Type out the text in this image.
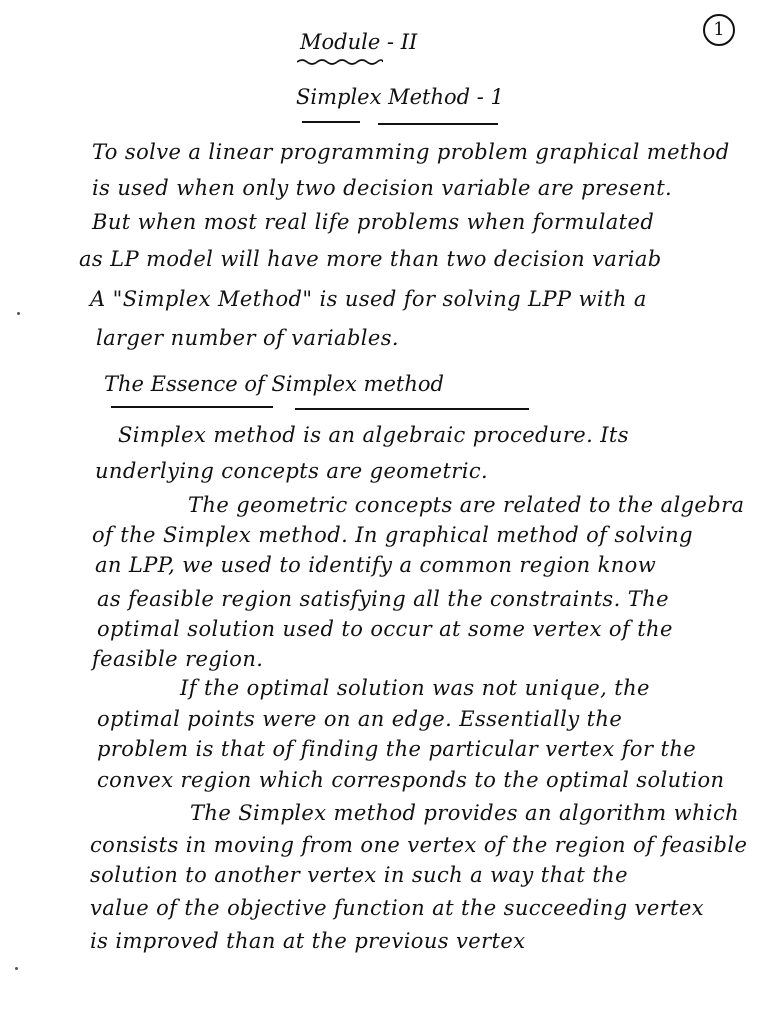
1
Module - II
Simplex Method - 1
To solve a linear programming problem graphical method
is used when only two decision variable are present.
But when most real life problems when formulated
as LP model will have more than two decision variab
A "Simplex Method" is used for solving LPP with a
larger number of variables.
The Essence of Simplex method
Simplex method is an algebraic procedure. Its
underlying concepts are geometric.
The geometric concepts are related to the algebra
of the Simplex method. In graphical method of solving
an LPP, we used to identify a common region know
as feasible region satisfying all the constraints. The
optimal solution used to occur at some vertex of the
feasible region.
If the optimal solution was not unique, the
optimal points were on an edge. Essentially the
problem is that of finding the particular vertex for the
convex region which corresponds to the optimal solution
The Simplex method provides an algorithm which
consists in moving from one vertex of the region of feasible
solution to another vertex in such a way that the
value of the objective function at the succeeding vertex
is improved than at the previous vertex
